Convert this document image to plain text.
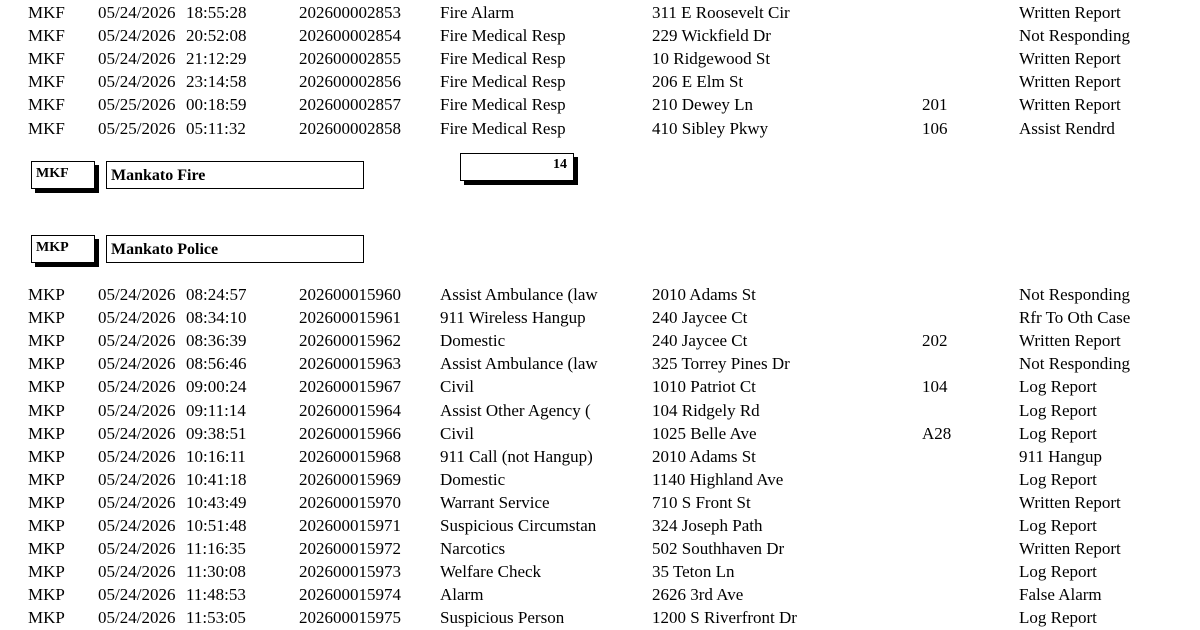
MKF 05/24/2026 18:55:28	202600002853 Fire Alarm	311 E Roosevelt Cir	Written Report
MKF 05/24/2026 20:52:08	202600002854 Fire Medical Resp	229 Wickfield Dr	Not Responding
MKF 05/24/2026 21:12:29	202600002855 Fire Medical Resp	10 Ridgewood St	Written Report
MKF 05/24/2026 23:14:58	202600002856 Fire Medical Resp	206 E Elm St	Written Report
MKF 05/25/2026 00:18:59	202600002857 Fire Medical Resp	210 Dewey Ln	201	Written Report
MKF 05/25/2026 05:11:32	202600002858 Fire Medical Resp	410 Sibley Pkwy	106	Assist Rendrd
MKF	Mankato Fire
14
MKP	Mankato Police
MKP 05/24/2026 08:24:57	202600015960 Assist Ambulance (law	2010 Adams St	Not Responding
MKP 05/24/2026 08:34:10	202600015961 911 Wireless Hangup	240 Jaycee Ct	Rfr To Oth Case
MKP 05/24/2026 08:36:39	202600015962 Domestic	240 Jaycee Ct	202	Written Report
MKP 05/24/2026 08:56:46	202600015963 Assist Ambulance (law	325 Torrey Pines Dr	Not Responding
MKP 05/24/2026 09:00:24	202600015967 Civil	1010 Patriot Ct	104	Log Report
MKP 05/24/2026 09:11:14	202600015964 Assist Other Agency (	104 Ridgely Rd	Log Report
MKP 05/24/2026 09:38:51	202600015966 Civil	1025 Belle Ave	A28	Log Report
MKP 05/24/2026 10:16:11	202600015968 911 Call (not Hangup)	2010 Adams St	911 Hangup
MKP 05/24/2026 10:41:18	202600015969 Domestic	1140 Highland Ave	Log Report
MKP 05/24/2026 10:43:49	202600015970 Warrant Service	710 S Front St	Written Report
MKP 05/24/2026 10:51:48	202600015971 Suspicious Circumstan	324 Joseph Path	Log Report
MKP 05/24/2026 11:16:35	202600015972 Narcotics	502 Southhaven Dr	Written Report
MKP 05/24/2026 11:30:08	202600015973 Welfare Check	35 Teton Ln	Log Report
MKP 05/24/2026 11:48:53	202600015974 Alarm	2626 3rd Ave	False Alarm
MKP 05/24/2026 11:53:05	202600015975 Suspicious Person	1200 S Riverfront Dr	Log Report
